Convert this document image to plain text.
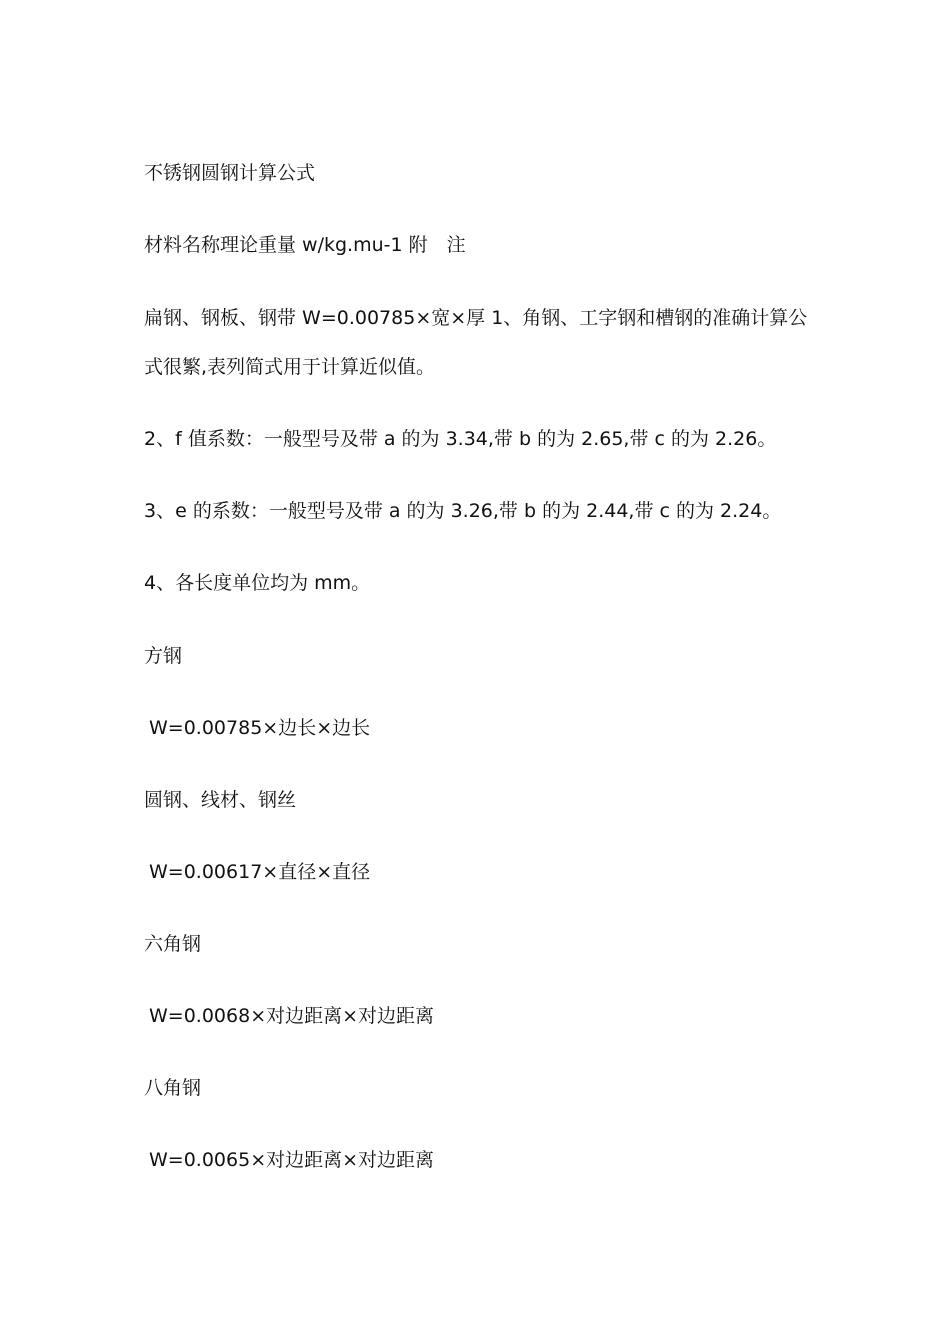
不锈钢圆钢计算公式
材料名称理论重量 w/kg.mu-1 附　注
扁钢、钢板、钢带 W=0.00785×宽×厚 1、角钢、工字钢和槽钢的准确计算公
式很繁,表列简式用于计算近似值。
2、f 值系数：一般型号及带 a 的为 3.34,带 b 的为 2.65,带 c 的为 2.26。
3、e 的系数：一般型号及带 a 的为 3.26,带 b 的为 2.44,带 c 的为 2.24。
4、各长度单位均为 mm。
方钢
W=0.00785×边长×边长
圆钢、线材、钢丝
W=0.00617×直径×直径
六角钢
W=0.0068×对边距离×对边距离
八角钢
W=0.0065×对边距离×对边距离
